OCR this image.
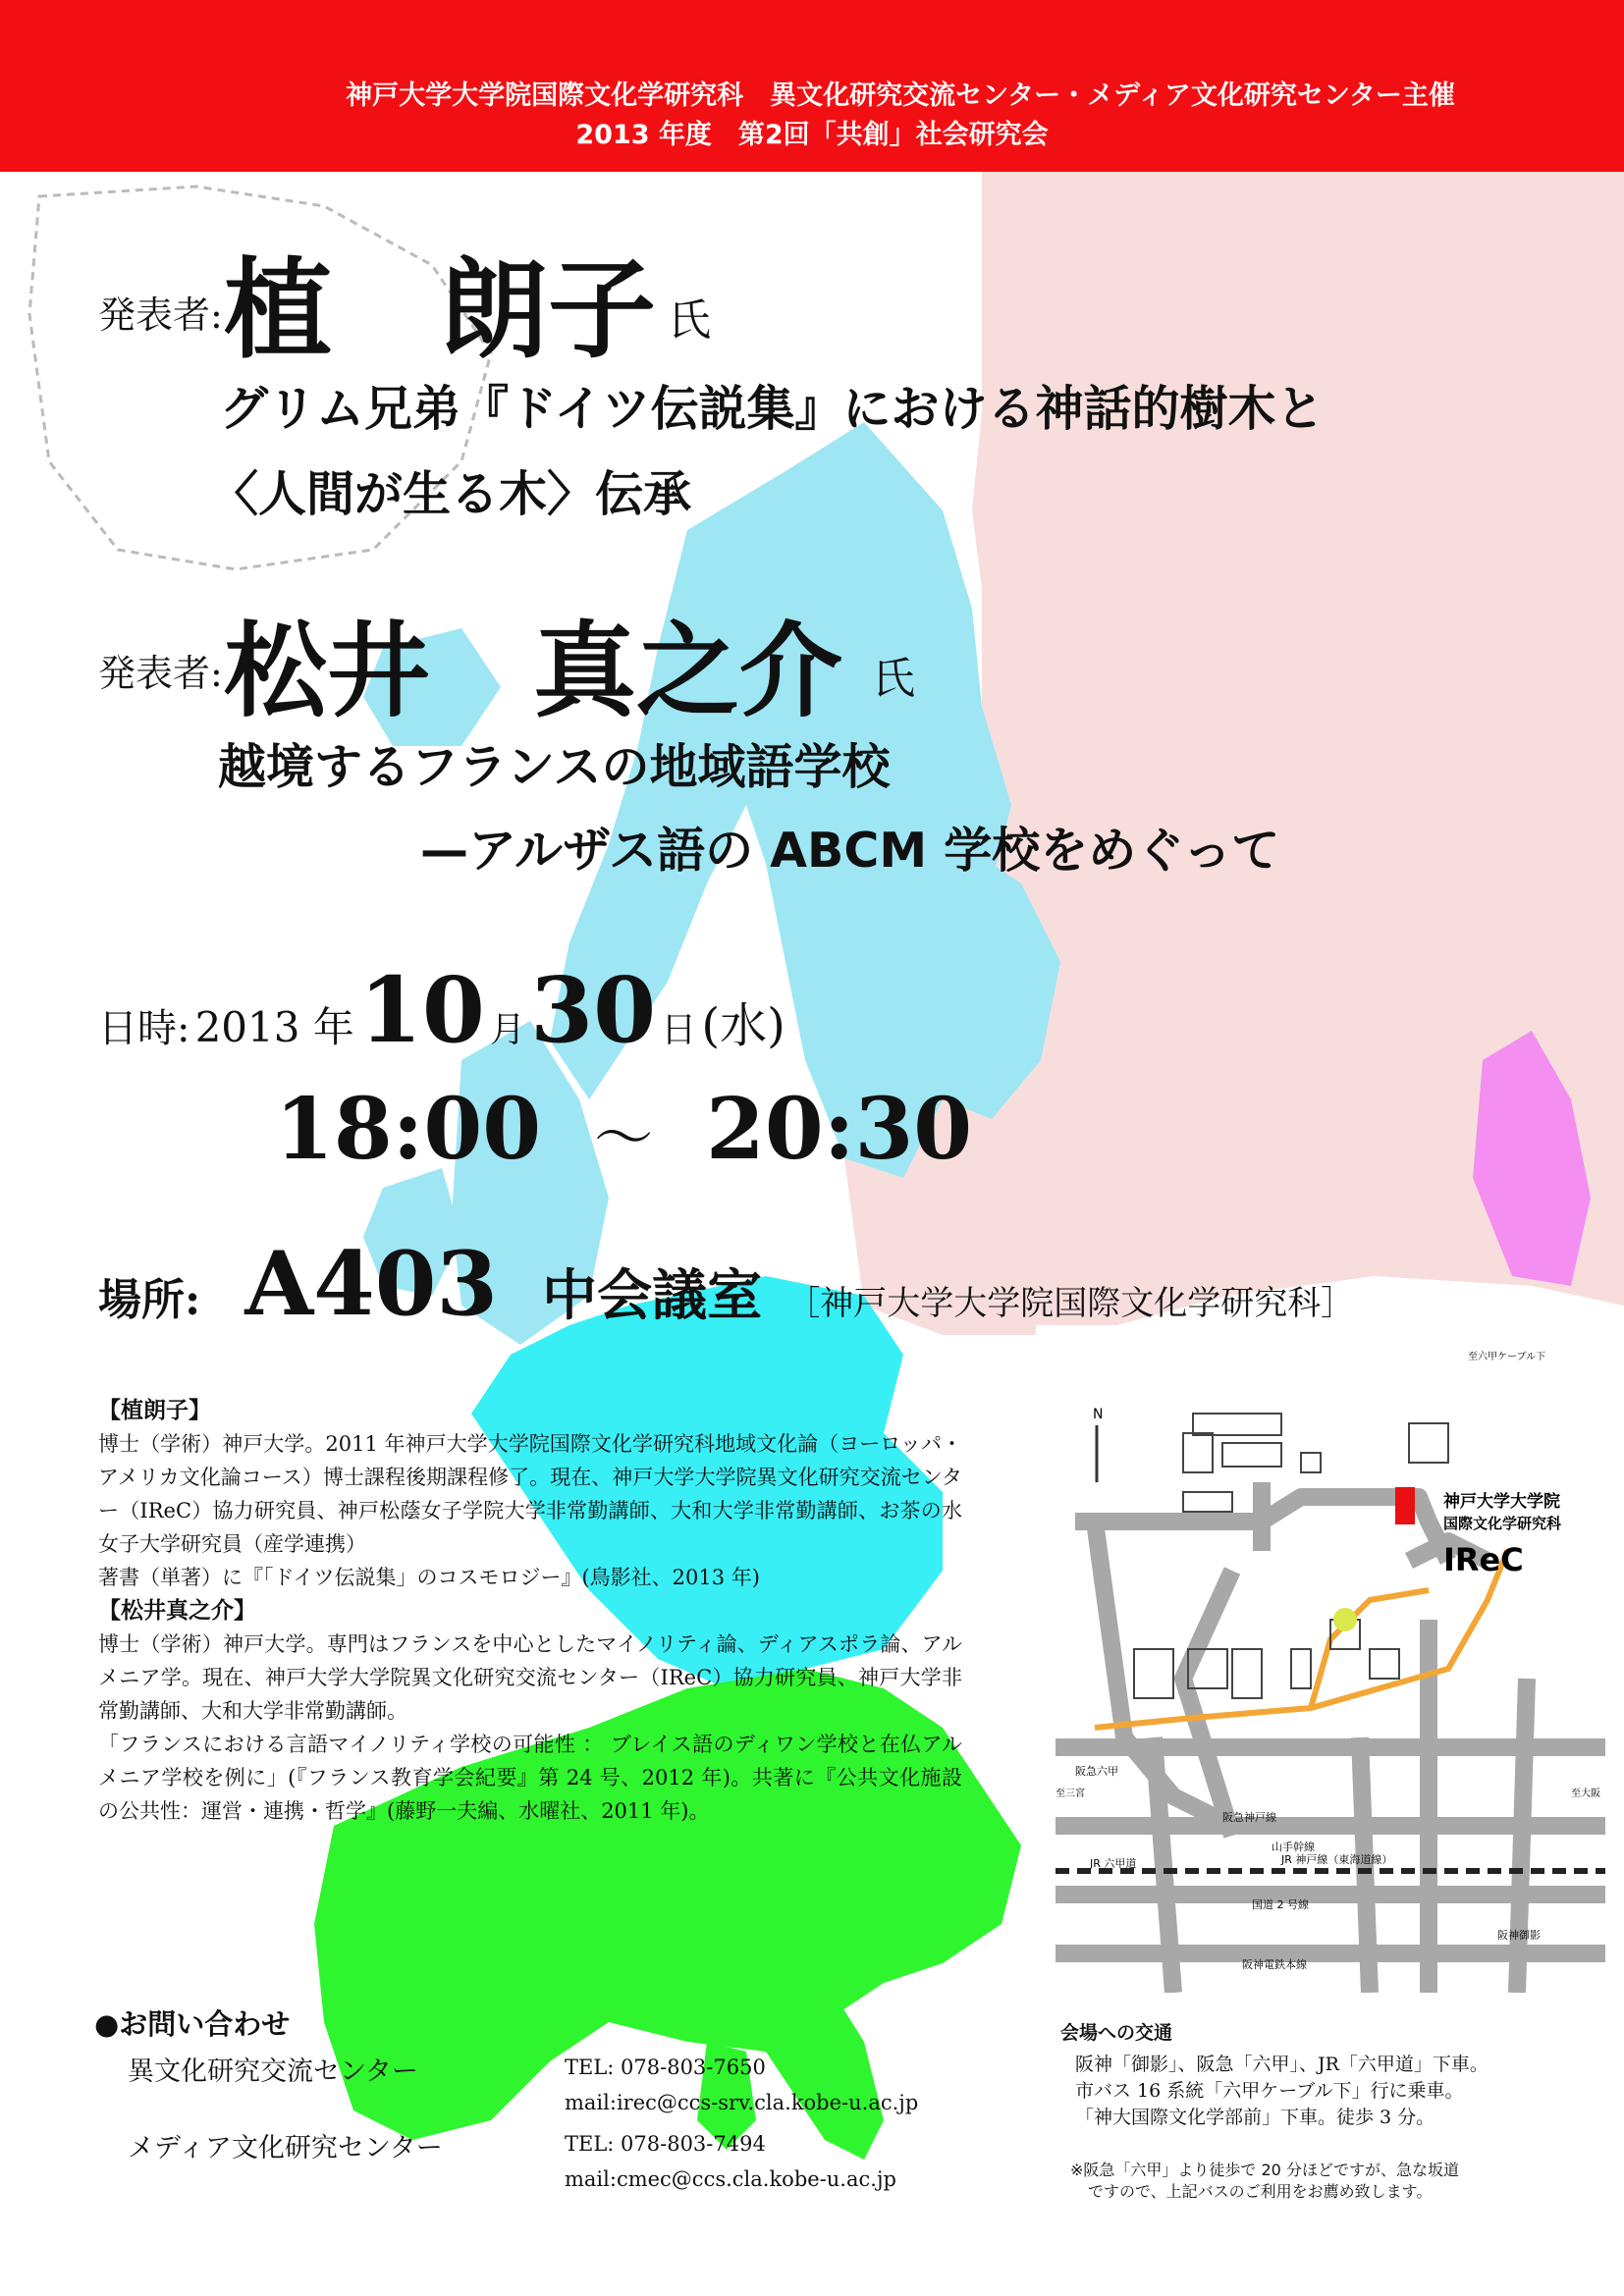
神戸大学大学院国際文化学研究科　異文化研究交流センター・メディア文化研究センター主催
2013 年度　第2回「共創」社会研究会
発表者: 植　朗子 氏
グリム兄弟『ドイツ伝説集』における神話的樹木と
〈人間が生る木〉伝承
発表者: 松井　真之介 氏
越境するフランスの地域語学校
—アルザス語の ABCM 学校をめぐって
日時: 2013 年 10 月 30 日 (水)
18:00 ～ 20:30
場所: A403 中会議室 ［神戸大学大学院国際文化学研究科］

【植朗子】

博士（学術）神戸大学。2011 年神戸大学大学院国際文化学研究科地域文化論（ヨーロッパ・アメリカ文化論コース）博士課程後期課程修了。現在、神戸大学大学院異文化研究交流センター（IReC）協力研究員、神戸松蔭女子学院大学非常勤講師、大和大学非常勤講師、お茶の水女子大学研究員（産学連携）

著書（単著）に『「ドイツ伝説集」のコスモロジー』(鳥影社、2013 年)

【松井真之介】

博士（学術）神戸大学。専門はフランスを中心としたマイノリティ論、ディアスポラ論、アルメニア学。現在、神戸大学大学院異文化研究交流センター（IReC）協力研究員、神戸大学非常勤講師、大和大学非常勤講師。

「フランスにおける言語マイノリティ学校の可能性 ： ブレイス語のディワン学校と在仏アルメニア学校を例に」(『フランス教育学会紀要』第 24 号、2012 年)。共著に『公共文化施設の公共性：運営・連携・哲学』(藤野一夫編、水曜社、2011 年)。

●お問い合わせ
異文化研究交流センター	TEL: 078-803-7650
mail:irec@ccs-srv.cla.kobe-u.ac.jp
メディア文化研究センター	TEL: 078-803-7494
mail:cmec@ccs.cla.kobe-u.ac.jp
N
至六甲ケーブル下
神戸大学大学院
国際文化学研究科
IReC
阪急神戸線
阪急六甲
山手幹線
JR 神戸線（東海道線）
JR 六甲道
国道 2 号線
阪神電鉄本線
阪神御影
至三宮	至大阪
会場への交通
阪神「御影」、阪急「六甲」、JR「六甲道」下車。
市バス 16 系統「六甲ケーブル下」行に乗車。
「神大国際文化学部前」下車。徒歩 3 分。
※阪急「六甲」より徒歩で 20 分ほどですが、急な坂道
ですので、上記バスのご利用をお薦め致します。
